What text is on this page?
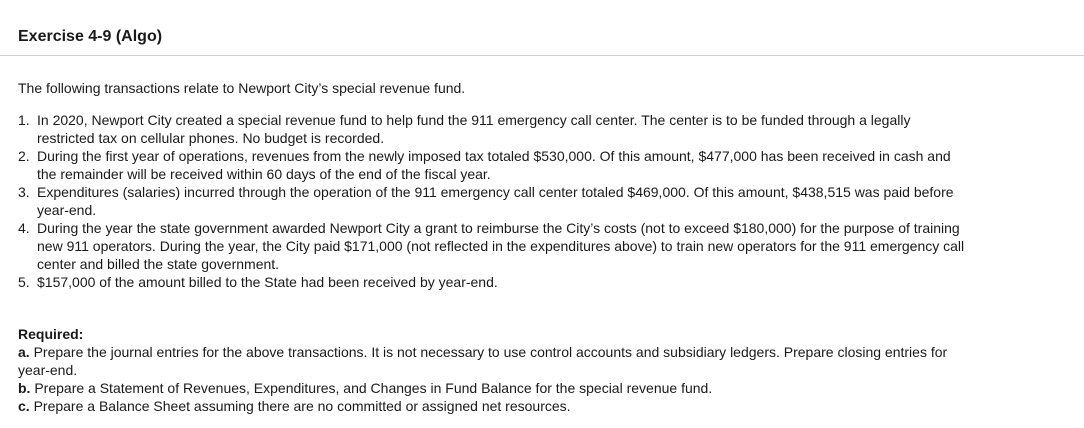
Exercise 4-9 (Algo)

The following transactions relate to Newport City’s special revenue fund.

1. In 2020, Newport City created a special revenue fund to help fund the 911 emergency call center. The center is to be funded through a legally restricted tax on cellular phones. No budget is recorded.
2. During the first year of operations, revenues from the newly imposed tax totaled $530,000. Of this amount, $477,000 has been received in cash and the remainder will be received within 60 days of the end of the fiscal year.
3. Expenditures (salaries) incurred through the operation of the 911 emergency call center totaled $469,000. Of this amount, $438,515 was paid before year-end.
4. During the year the state government awarded Newport City a grant to reimburse the City’s costs (not to exceed $180,000) for the purpose of training new 911 operators. During the year, the City paid $171,000 (not reflected in the expenditures above) to train new operators for the 911 emergency call center and billed the state government.
5. $157,000 of the amount billed to the State had been received by year-end.

Required:

a. Prepare the journal entries for the above transactions. It is not necessary to use control accounts and subsidiary ledgers. Prepare closing entries for year-end.

b. Prepare a Statement of Revenues, Expenditures, and Changes in Fund Balance for the special revenue fund.

c. Prepare a Balance Sheet assuming there are no committed or assigned net resources.
